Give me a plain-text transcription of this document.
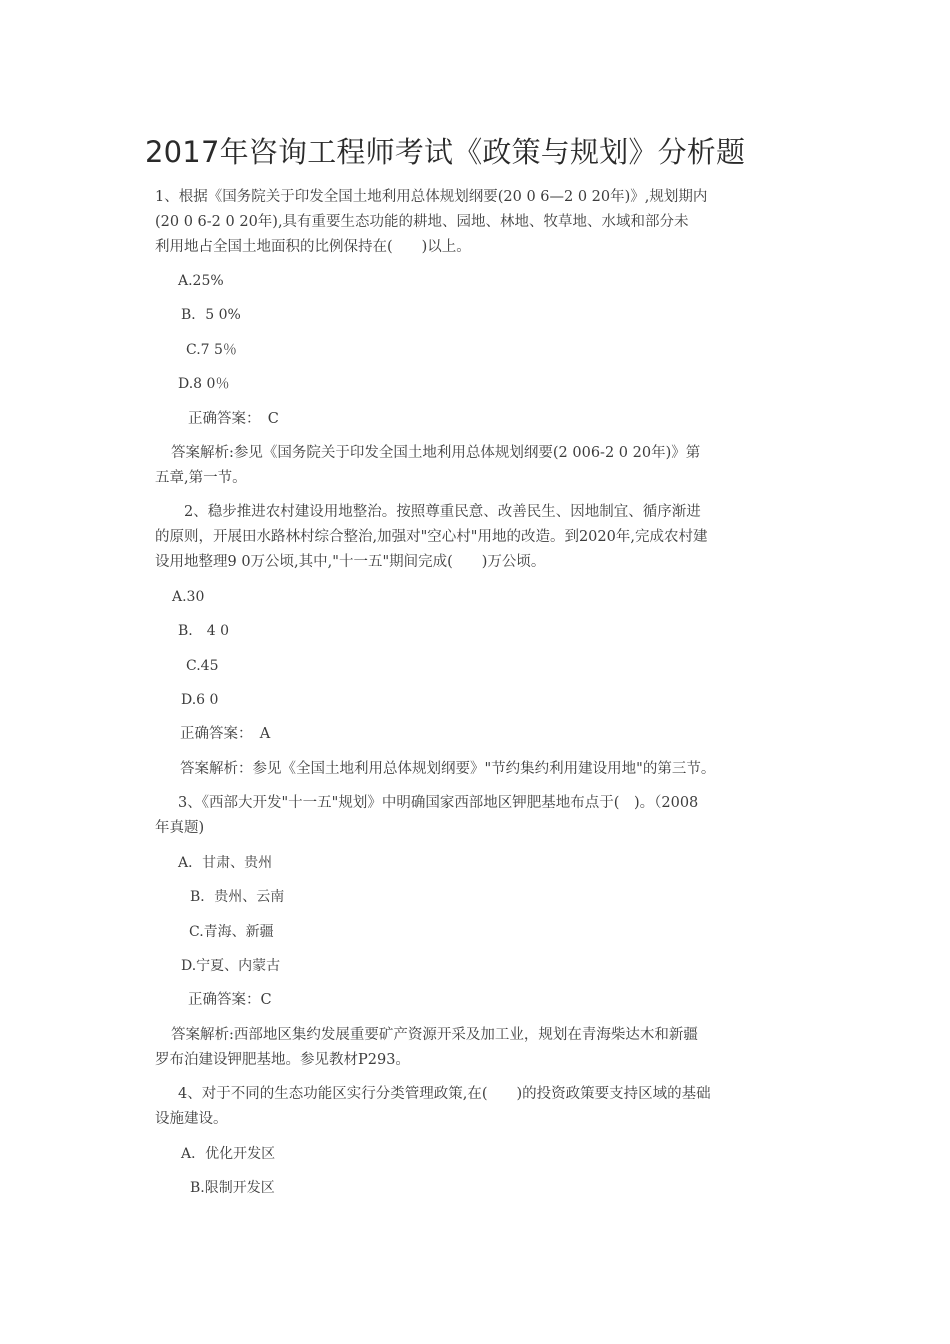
2017年咨询工程师考试《政策与规划》分析题
1、根据《国务院关于印发全国土地利用总体规划纲要(20 0 6—2 0 20年)》,规划期内
(20 0 6-2 0 20年),具有重要生态功能的耕地、园地、林地、牧草地、水域和部分未
利用地占全国土地面积的比例保持在(　　)以上。
A.25%
B．5 0%
C.7 5％
D.8 0％
正确答案：　C
答案解析:参见《国务院关于印发全国土地利用总体规划纲要(2 006-2 0 20年)》第
五章,第一节。
2、稳步推进农村建设用地整治。按照尊重民意、改善民生、因地制宜、循序渐进
的原则，开展田水路林村综合整治,加强对"空心村"用地的改造。到2020年,完成农村建
设用地整理9 0万公顷,其中,"十一五"期间完成(　　)万公顷。
A.30
B.　4 0
C.45
D.6 0
正确答案：　A
答案解析：参见《全国土地利用总体规划纲要》"节约集约利用建设用地"的第三节。
3、《西部大开发"十一五"规划》中明确国家西部地区钾肥基地布点于(　)。（2008
年真题)
A．甘肃、贵州
B．贵州、云南
C.青海、新疆
D.宁夏、内蒙古
正确答案：C
答案解析:西部地区集约发展重要矿产资源开采及加工业，规划在青海柴达木和新疆
罗布泊建设钾肥基地。参见教材P293。
4、对于不同的生态功能区实行分类管理政策,在(　　)的投资政策要支持区域的基础
设施建设。
A．优化开发区
B.限制开发区
